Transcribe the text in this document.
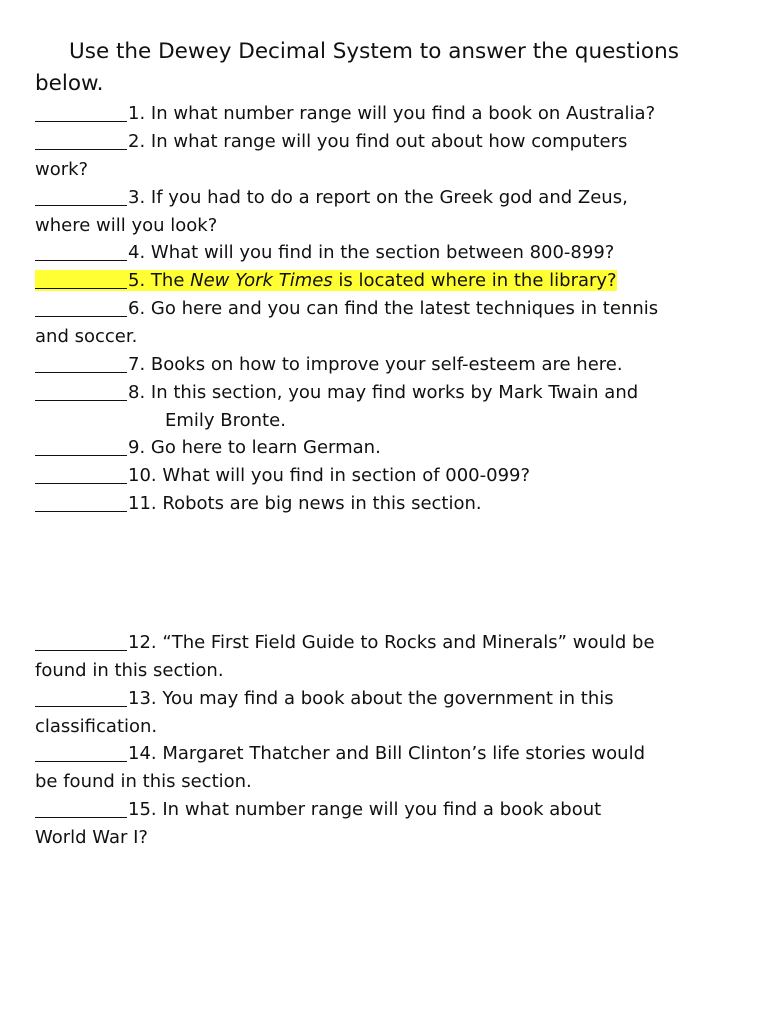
Use the Dewey Decimal System to answer the questions below.

1. In what number range will you find a book on Australia?

2. In what range will you find out about how computers
work?

3. If you had to do a report on the Greek god and Zeus,
where will you look?

4. What will you find in the section between 800-899?

5. The New York Times is located where in the library?

6. Go here and you can find the latest techniques in tennis
and soccer.

7. Books on how to improve your self-esteem are here.

8. In this section, you may find works by Mark Twain and
Emily Bronte.

9. Go here to learn German.

10. What will you find in section of 000-099?

11. Robots are big news in this section.

12. “The First Field Guide to Rocks and Minerals” would be
found in this section.

13. You may find a book about the government in this
classification.

14. Margaret Thatcher and Bill Clinton’s life stories would
be found in this section.

15. In what number range will you find a book about
World War I?
